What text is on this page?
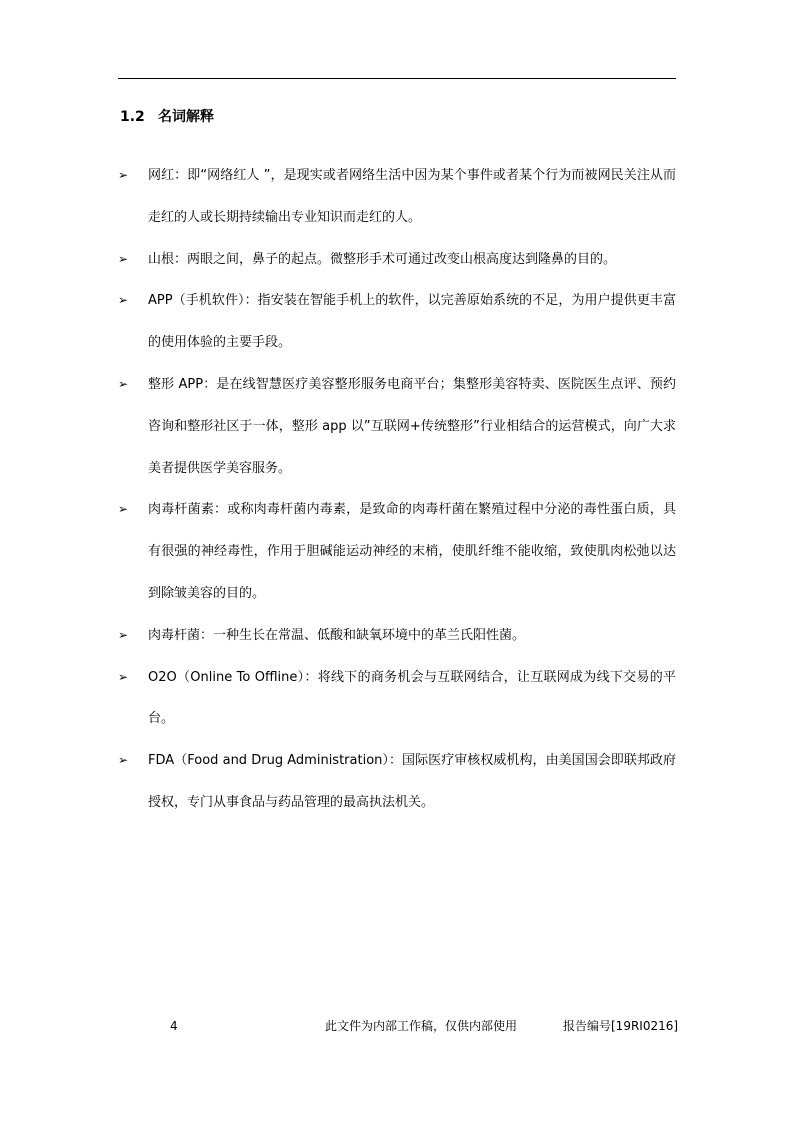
1.2 名词解释
➢	网红：即“网络红人 ”，是现实或者网络生活中因为某个事件或者某个行为而被网民关注从而走红的人或长期持续输出专业知识而走红的人。
➢	山根：两眼之间，鼻子的起点。微整形手术可通过改变山根高度达到隆鼻的目的。
➢	APP（手机软件）：指安装在智能手机上的软件，以完善原始系统的不足，为用户提供更丰富的使用体验的主要手段。
➢	整形 APP：是在线智慧医疗美容整形服务电商平台；集整形美容特卖、医院医生点评、预约咨询和整形社区于一体，整形 app 以”互联网+传统整形”行业相结合的运营模式，向广大求美者提供医学美容服务。
➢	肉毒杆菌素：或称肉毒杆菌内毒素，是致命的肉毒杆菌在繁殖过程中分泌的毒性蛋白质，具有很强的神经毒性，作用于胆碱能运动神经的末梢，使肌纤维不能收缩，致使肌肉松弛以达到除皱美容的目的。
➢	肉毒杆菌：一种生长在常温、低酸和缺氧环境中的革兰氏阳性菌。
➢	O2O（Online To Offline）：将线下的商务机会与互联网结合，让互联网成为线下交易的平台。
➢	FDA（Food and Drug Administration）：国际医疗审核权威机构，由美国国会即联邦政府授权，专门从事食品与药品管理的最高执法机关。
4	此文件为内部工作稿，仅供内部使用	报告编号[19RI0216]
